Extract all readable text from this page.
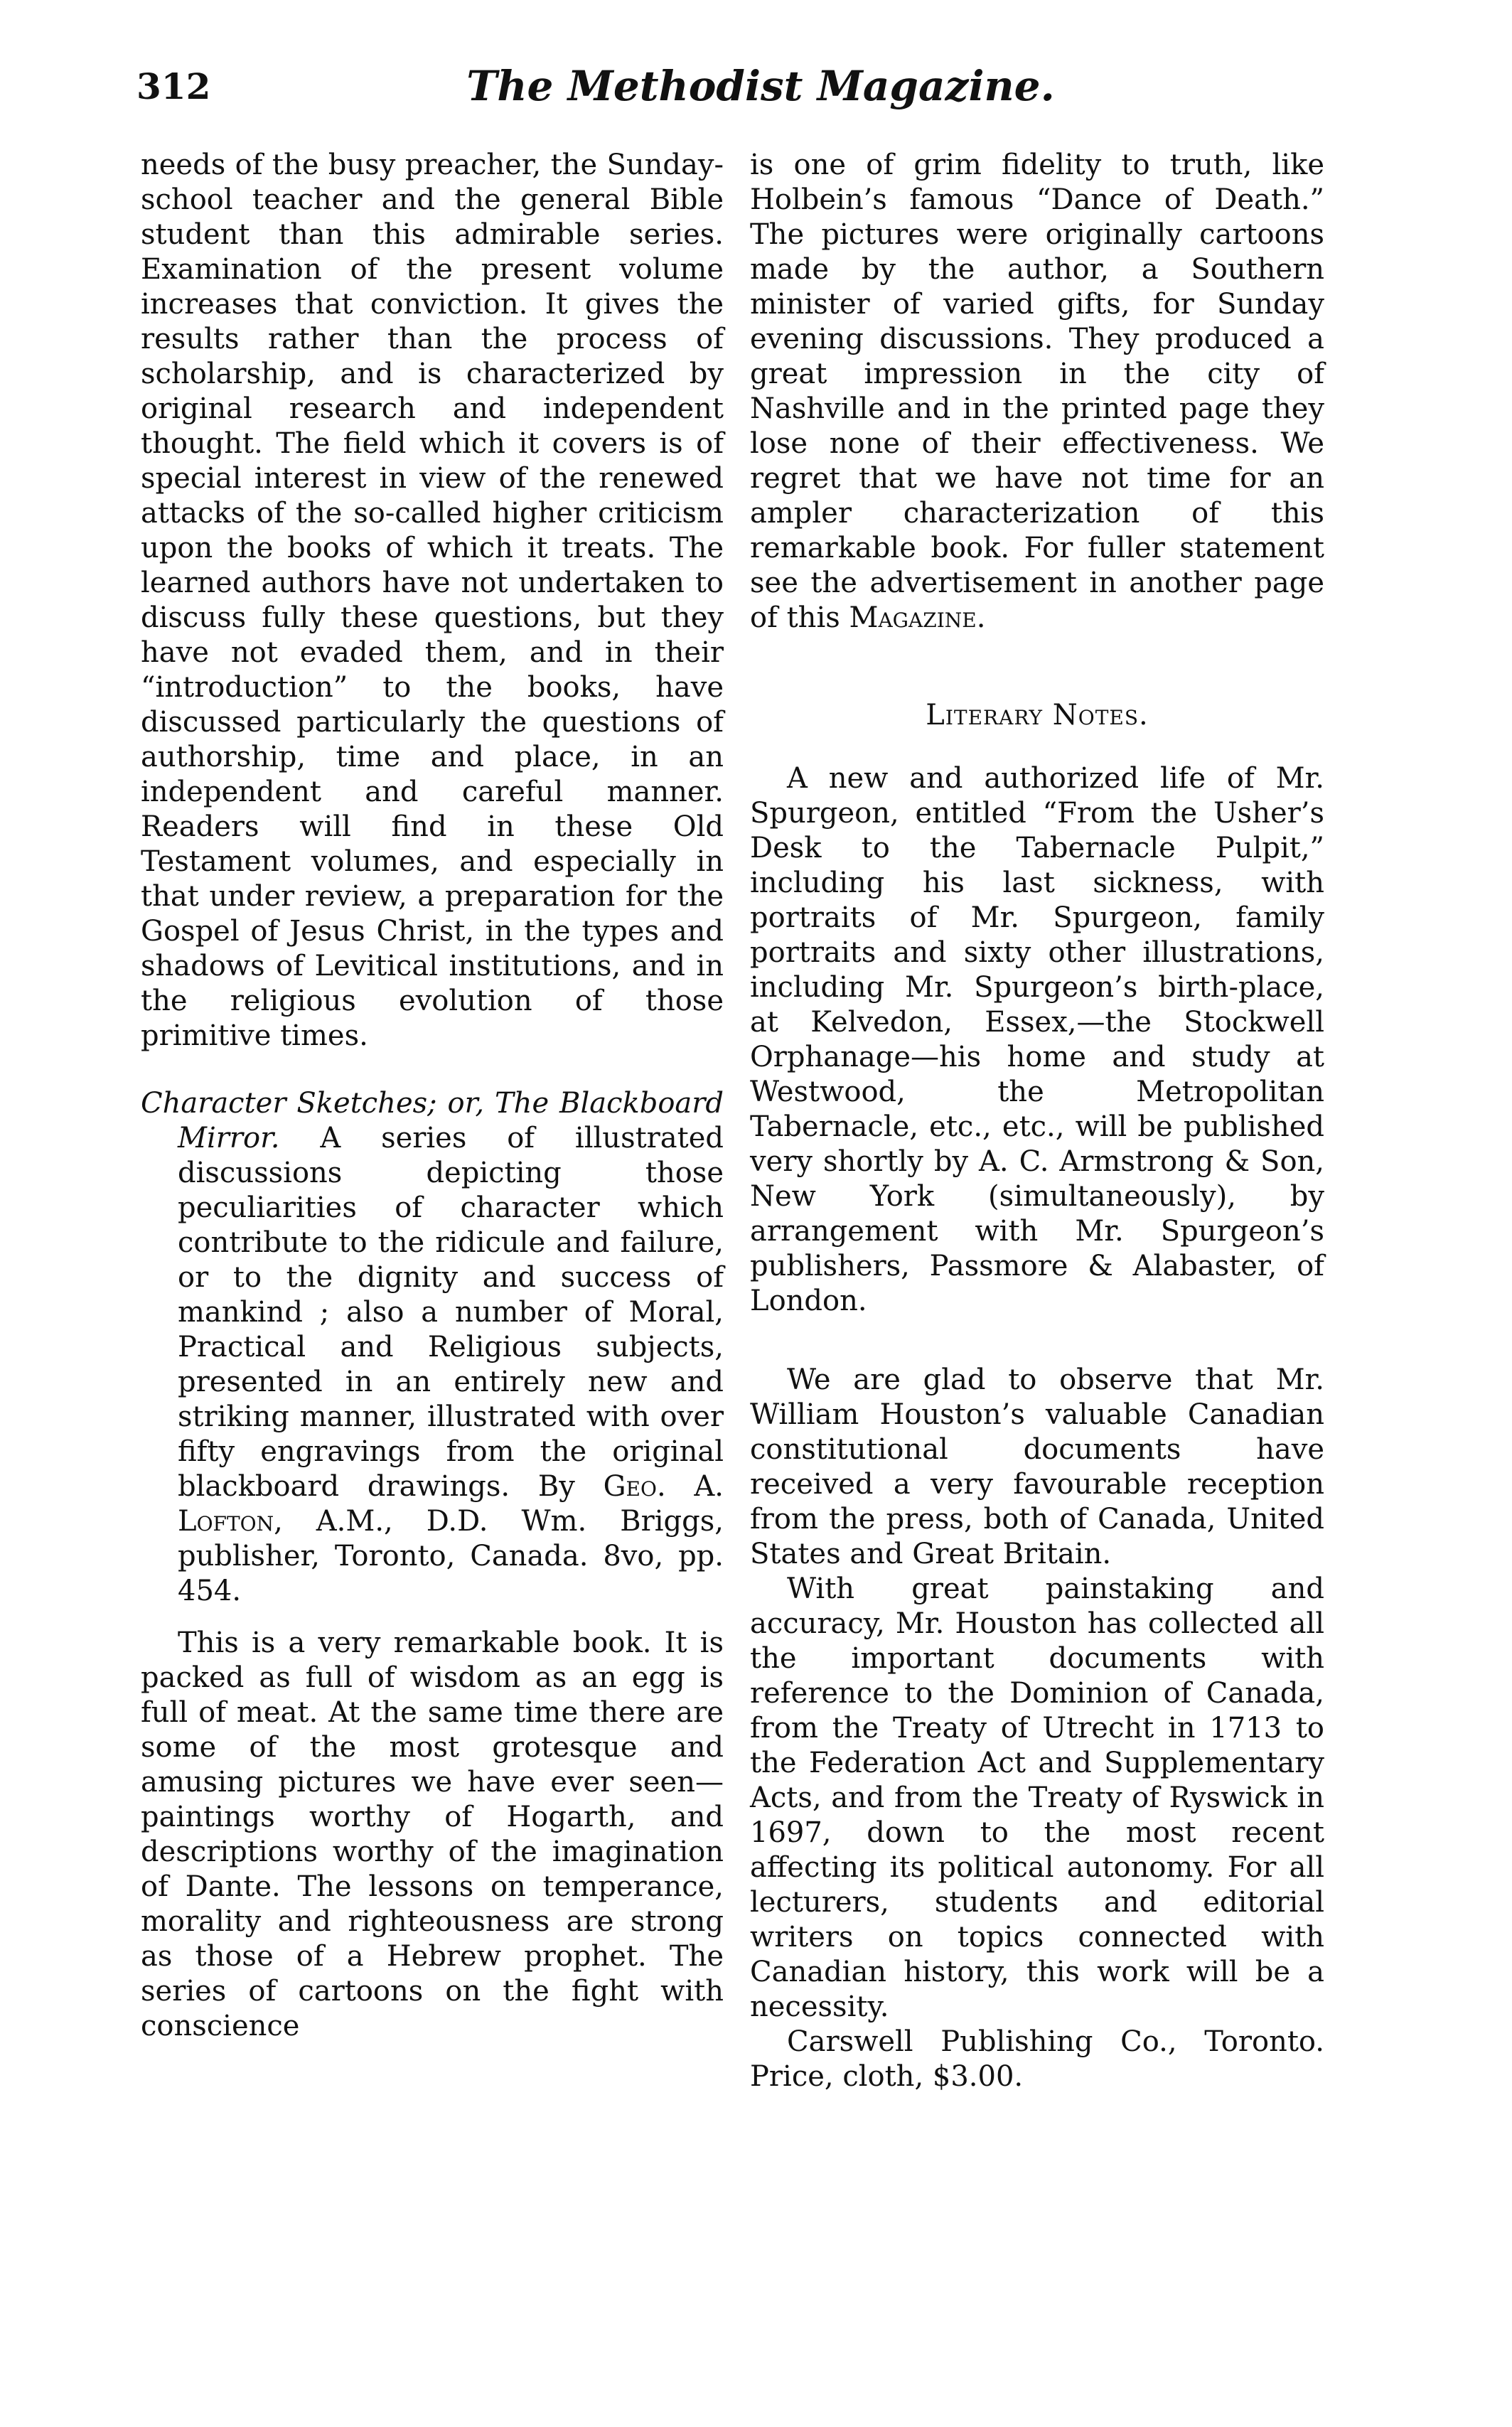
312	The Methodist Magazine.

needs of the busy preacher, the Sunday-school teacher and the general Bible student than this admirable series. Examination of the present volume increases that conviction. It gives the results rather than the process of scholarship, and is characterized by original research and independent thought. The field which it covers is of special interest in view of the renewed attacks of the so-called higher criticism upon the books of which it treats. The learned authors have not undertaken to discuss fully these questions, but they have not evaded them, and in their “introduction” to the books, have discussed particularly the questions of authorship, time and place, in an independent and careful manner. Readers will find in these Old Testament volumes, and especially in that under review, a preparation for the Gospel of Jesus Christ, in the types and shadows of Levitical institutions, and in the religious evolution of those primitive times.

Character Sketches; or, The Blackboard Mirror. A series of illustrated discussions depicting those peculiarities of character which contribute to the ridicule and failure, or to the dignity and success of mankind ; also a number of Moral, Practical and Religious subjects, presented in an entirely new and striking manner, illustrated with over fifty engravings from the original blackboard drawings. By Geo. A. Lofton, A.M., D.D. Wm. Briggs, publisher, Toronto, Canada. 8vo, pp. 454.

This is a very remarkable book. It is packed as full of wisdom as an egg is full of meat. At the same time there are some of the most grotesque and amusing pictures we have ever seen—paintings worthy of Hogarth, and descriptions worthy of the imagination of Dante. The lessons on temperance, morality and righteousness are strong as those of a Hebrew prophet. The series of cartoons on the fight with conscience

is one of grim fidelity to truth, like Holbein’s famous “Dance of Death.” The pictures were originally cartoons made by the author, a Southern minister of varied gifts, for Sunday evening discussions. They produced a great impression in the city of Nashville and in the printed page they lose none of their effectiveness. We regret that we have not time for an ampler characterization of this remarkable book. For fuller statement see the advertisement in another page of this Magazine.

Literary Notes.

A new and authorized life of Mr. Spurgeon, entitled “From the Usher’s Desk to the Tabernacle Pulpit,” including his last sickness, with portraits of Mr. Spurgeon, family portraits and sixty other illustrations, including Mr. Spurgeon’s birth-place, at Kelvedon, Essex,—the Stockwell Orphanage—his home and study at Westwood, the Metropolitan Tabernacle, etc., etc., will be published very shortly by A. C. Armstrong & Son, New York (simultaneously), by arrangement with Mr. Spurgeon’s publishers, Passmore & Alabaster, of London.

We are glad to observe that Mr. William Houston’s valuable Canadian constitutional documents have received a very favourable reception from the press, both of Canada, United States and Great Britain.

With great painstaking and accuracy, Mr. Houston has collected all the important documents with reference to the Dominion of Canada, from the Treaty of Utrecht in 1713 to the Federation Act and Supplementary Acts, and from the Treaty of Ryswick in 1697, down to the most recent affecting its political autonomy. For all lecturers, students and editorial writers on topics connected with Canadian history, this work will be a necessity.

Carswell Publishing Co., Toronto. Price, cloth, $3.00.
